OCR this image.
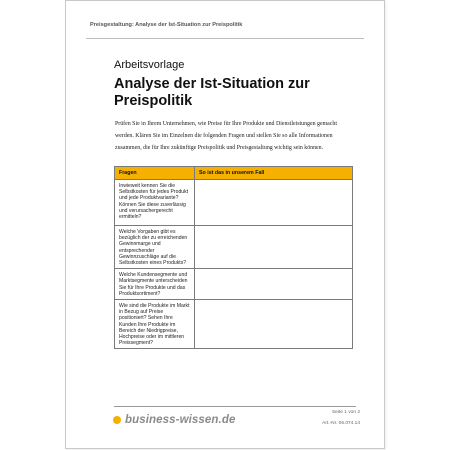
Preisgestaltung: Analyse der Ist-Situation zur Preispolitik
Arbeitsvorlage
Analyse der Ist-Situation zur Preispolitik
Prüfen Sie in Ihrem Unternehmen, wie Preise für Ihre Produkte und Dienstleistungen gemacht werden. Klären Sie im Einzelnen die folgenden Fragen und stellen Sie so alle Informationen zusammen, die für Ihre zukünftige Preispolitik und Preisgestaltung wichtig sein können.
Fragen	So ist das in unserem Fall
Inwieweit kennen Sie die Selbstkosten für jedes Produkt und jede Produktvariante? Können Sie diese zuverlässig und verursachergerecht ermitteln?	
Welche Vorgaben gibt es bezüglich der zu erreichenden Gewinnmarge und entsprechender Gewinnzuschläge auf die Selbstkosten eines Produkts?	
Welche Kundensegmente und Marktsegmente unterscheiden Sie für Ihre Produkte und das Produktsortiment?	
Wie sind die Produkte im Markt in Bezug auf Preise positioniert? Sehen Ihre Kunden Ihre Produkte im Bereich der Niedrigpreise, Hochpreise oder im mittleren Preissegment?	
business-wissen.de
Seite 1 von 2
Art.-Nr. 06.074.14
